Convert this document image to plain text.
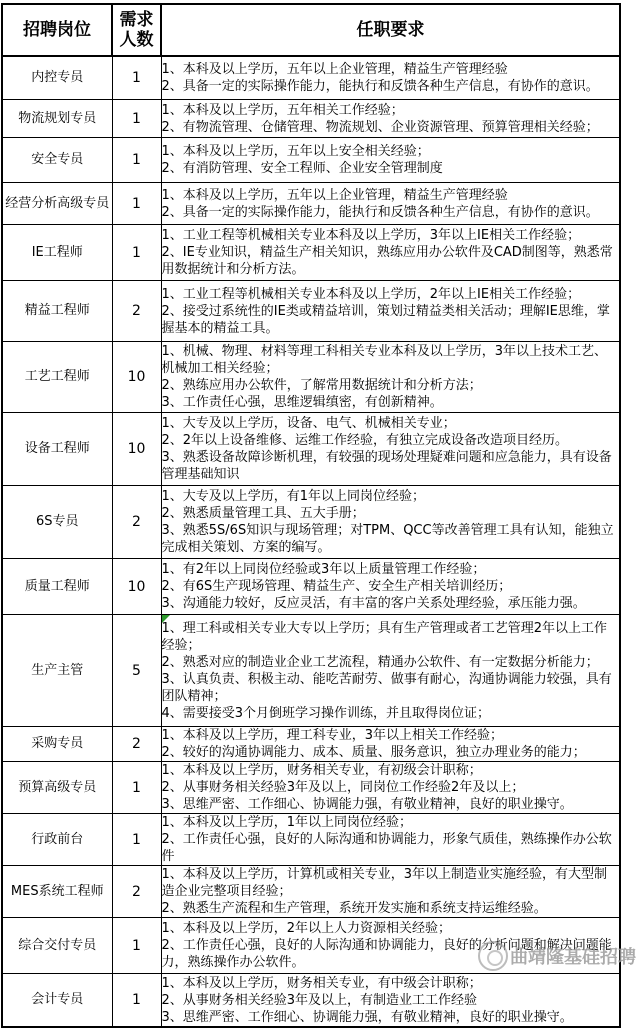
招聘岗位	需求人数	任职要求
内控专员	1	1、本科及以上学历，五年以上企业管理，精益生产管理经验
2、具备一定的实际操作能力，能执行和反馈各种生产信息，有协作的意识。

物流规划专员	1	1、本科及以上学历，五年相关工作经验；
2、有物流管理、仓储管理、物流规划、企业资源管理、预算管理相关经验；

安全专员	1	1、本科及以上学历，五年以上安全相关经验；
2、有消防管理、安全工程师、企业安全管理制度

经营分析高级专员	1	1、本科及以上学历，五年以上企业管理，精益生产管理经验
2、具备一定的实际操作能力，能执行和反馈各种生产信息，有协作的意识。

IE工程师	1	1、工业工程等机械相关专业本科及以上学历，3年以上IE相关工作经验；
2、IE专业知识，精益生产相关知识，熟练应用办公软件及CAD制图等，熟悉常用数据统计和分析方法。

精益工程师	2	1、工业工程等机械相关专业本科及以上学历，2年以上IE相关工作经验；
2、接受过系统性的IE类或精益培训，策划过精益类相关活动；理解IE思维，掌握基本的精益工具。

工艺工程师	10	1、机械、物理、材料等理工科相关专业本科及以上学历，3年以上技术工艺、机械加工相关经验；
2、熟练应用办公软件，了解常用数据统计和分析方法；
3、工作责任心强，思维逻辑缜密，有创新精神。

设备工程师	10	1、大专及以上学历，设备、电气、机械相关专业；
2、2年以上设备维修、运维工作经验，有独立完成设备改造项目经历。
3、熟悉设备故障诊断机理，有较强的现场处理疑难问题和应急能力，具有设备管理基础知识

6S专员	2	1、大专及以上学历，有1年以上同岗位经验；
2、熟悉质量管理工具、五大手册；
3、熟悉5S/6S知识与现场管理；对TPM、QCC等改善管理工具有认知，能独立完成相关策划、方案的编写。

质量工程师	10	1、有2年以上同岗位经验或3年以上质量管理工作经验；
2、有6S生产现场管理、精益生产、安全生产相关培训经历；
3、沟通能力较好，反应灵活，有丰富的客户关系处理经验，承压能力强。

生产主管	5	1、理工科或相关专业大专以上学历；具有生产管理或者工艺管理2年以上工作经验；
2、熟悉对应的制造业企业工艺流程，精通办公软件、有一定数据分析能力；
3、认真负责、积极主动、能吃苦耐劳、做事有耐心，沟通协调能力较强，具有团队精神；
4、需要接受3个月倒班学习操作训练，并且取得岗位证；

采购专员	2	1、本科及以上学历，理工科专业，3年以上相关工作经验；
2、较好的沟通协调能力、成本、质量、服务意识，独立办理业务的能力；

预算高级专员	1	1、本科及以上学历，财务相关专业，有初级会计职称；
2、从事财务相关经验3年及以上，同岗位工作经验2年及以上；
3、思维严密、工作细心、协调能力强，有敬业精神，良好的职业操守。

行政前台	1	1、本科及以上学历，1年以上同岗位经验；
2、工作责任心强，良好的人际沟通和协调能力，形象气质佳，熟练操作办公软件

MES系统工程师	2	1、本科及以上学历，计算机或相关专业，3年以上制造业实施经验，有大型制造企业完整项目经验；
2、熟悉生产流程和生产管理，系统开发实施和系统支持运维经验。

综合交付专员	1	1、本科及以上学历，2年以上人力资源相关经验；
2、工作责任心强，良好的人际沟通和协调能力，良好的分析问题和解决问题能力，熟练操作办公软件。

会计专员	1	1、本科及以上学历，财务相关专业，有中级会计职称；
2、从事财务相关经验3年及以上，有制造业工工作经验
3、思维严密、工作细心、协调能力强，有敬业精神，良好的职业操守。
曲靖隆基硅招聘
